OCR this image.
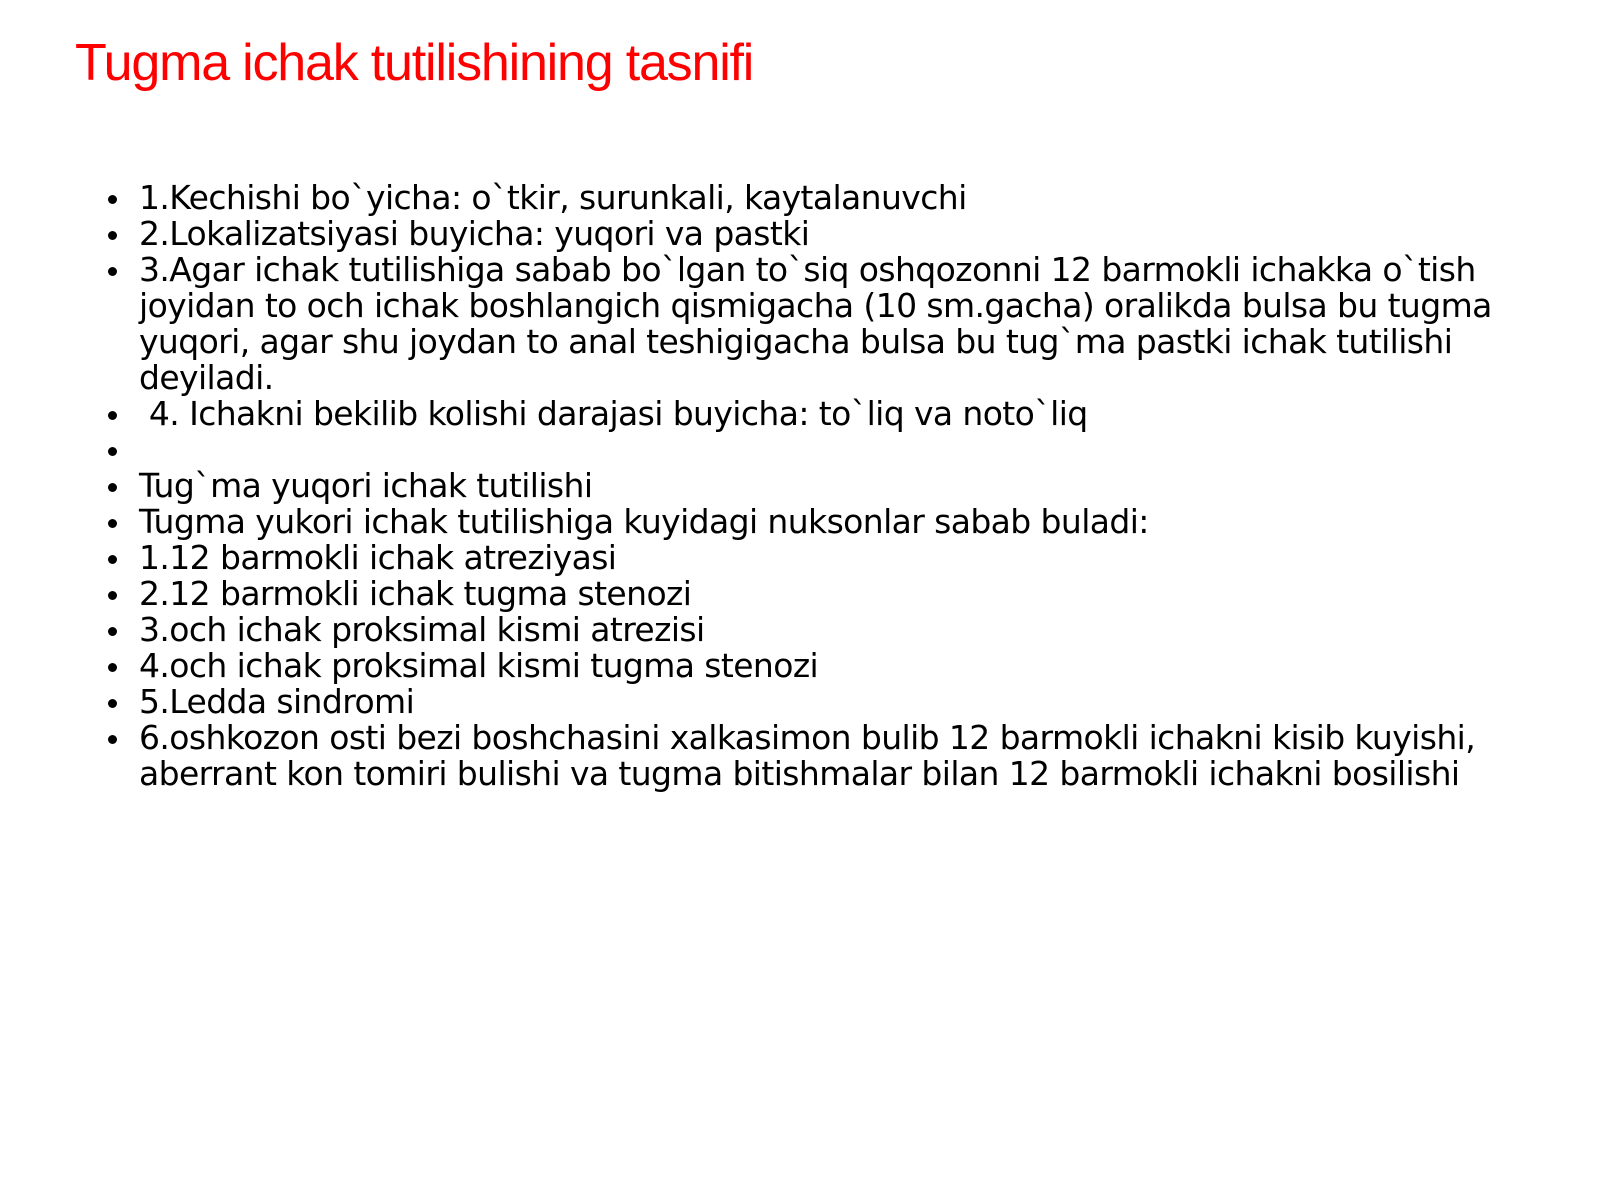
Tugma ichak tutilishining tasnifi
1.Kechishi bo`yicha: o`tkir, surunkali, kaytalanuvchi
2.Lokalizatsiyasi buyicha: yuqori va pastki
3.Agar ichak tutilishiga sabab bo`lgan to`siq oshqozonni 12 barmokli ichakka o`tish joyidan to och ichak boshlangich qismigacha (10 sm.gacha) oralikda bulsa bu tugma yuqori, agar shu joydan to anal teshigigacha bulsa bu tug`ma pastki ichak tutilishi deyiladi.
4. Ichakni bekilib kolishi darajasi buyicha: to`liq va noto`liq
Tug`ma yuqori ichak tutilishi
Tugma yukori ichak tutilishiga kuyidagi nuksonlar sabab buladi:
1.12 barmokli ichak atreziyasi
2.12 barmokli ichak tugma stenozi
3.och ichak proksimal kismi atrezisi
4.och ichak proksimal kismi tugma stenozi
5.Ledda sindromi
6.oshkozon osti bezi boshchasini xalkasimon bulib 12 barmokli ichakni kisib kuyishi, aberrant kon tomiri bulishi va tugma bitishmalar bilan 12 barmokli ichakni bosilishi
